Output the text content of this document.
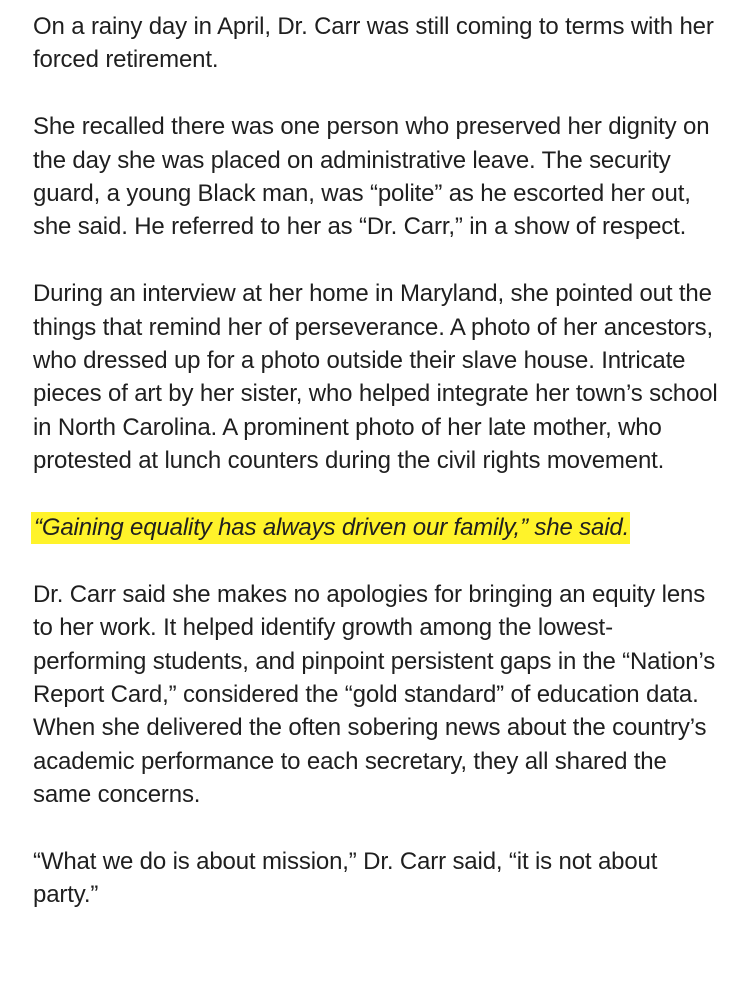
On a rainy day in April, Dr. Carr was still coming to terms with her forced retirement.

She recalled there was one person who preserved her dignity on the day she was placed on administrative leave. The security guard, a young Black man, was “polite” as he escorted her out, she said. He referred to her as “Dr. Carr,” in a show of respect.

During an interview at her home in Maryland, she pointed out the things that remind her of perseverance. A photo of her ancestors, who dressed up for a photo outside their slave house. Intricate pieces of art by her sister, who helped integrate her town’s school in North Carolina. A prominent photo of her late mother, who protested at lunch counters during the civil rights movement.

“Gaining equality has always driven our family,” she said.

Dr. Carr said she makes no apologies for bringing an equity lens to her work. It helped identify growth among the lowest-performing students, and pinpoint persistent gaps in the “Nation’s Report Card,” considered the “gold standard” of education data. When she delivered the often sobering news about the country’s academic performance to each secretary, they all shared the same concerns.

“What we do is about mission,” Dr. Carr said, “it is not about party.”
